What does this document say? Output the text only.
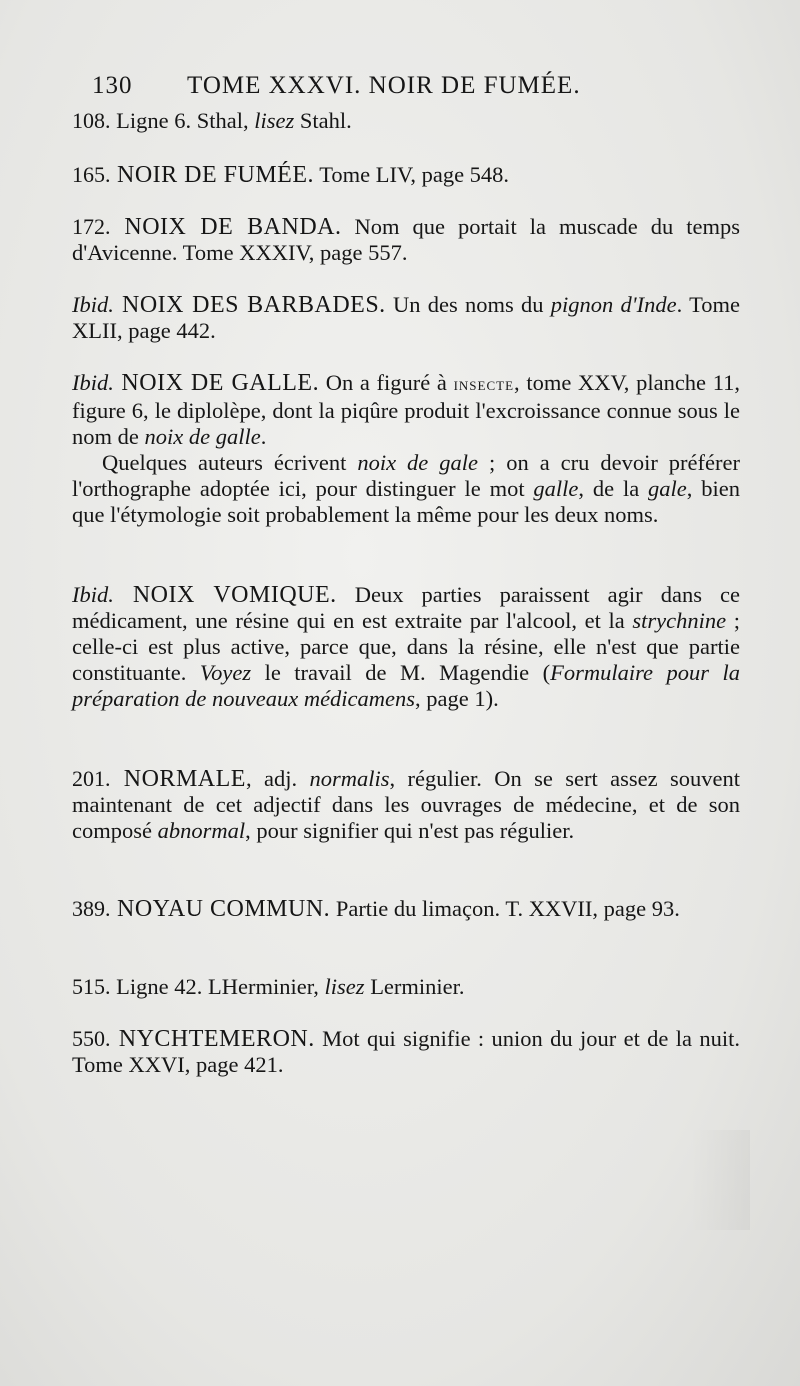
130 TOME XXXVI. NOIR DE FUMÉE.
108. Ligne 6. Sthal, lisez Stahl.
165. NOIR DE FUMÉE. Tome LIV, page 548.
172. NOIX DE BANDA. Nom que portait la muscade du temps d'Avicenne. Tome XXXIV, page 557.
Ibid. NOIX DES BARBADES. Un des noms du pignon d'Inde. Tome XLII, page 442.
Ibid. NOIX DE GALLE. On a figuré à insecte, tome XXV, planche 11, figure 6, le diplolèpe, dont la piqûre produit l'excroissance connue sous le nom de noix de galle.
Quelques auteurs écrivent noix de gale ; on a cru devoir préférer l'orthographe adoptée ici, pour distinguer le mot galle, de la gale, bien que l'étymologie soit probablement la même pour les deux noms.
Ibid. NOIX VOMIQUE. Deux parties paraissent agir dans ce médicament, une résine qui en est extraite par l'alcool, et la strychnine ; celle-ci est plus active, parce que, dans la résine, elle n'est que partie constituante. Voyez le travail de M. Magendie (Formulaire pour la préparation de nouveaux médicamens, page 1).
201. NORMALE, adj. normalis, régulier. On se sert assez souvent maintenant de cet adjectif dans les ouvrages de médecine, et de son composé abnormal, pour signifier qui n'est pas régulier.
389. NOYAU COMMUN. Partie du limaçon. T. XXVII, page 93.
515. Ligne 42. LHerminier, lisez Lerminier.
550. NYCHTEMERON. Mot qui signifie : union du jour et de la nuit. Tome XXVI, page 421.
